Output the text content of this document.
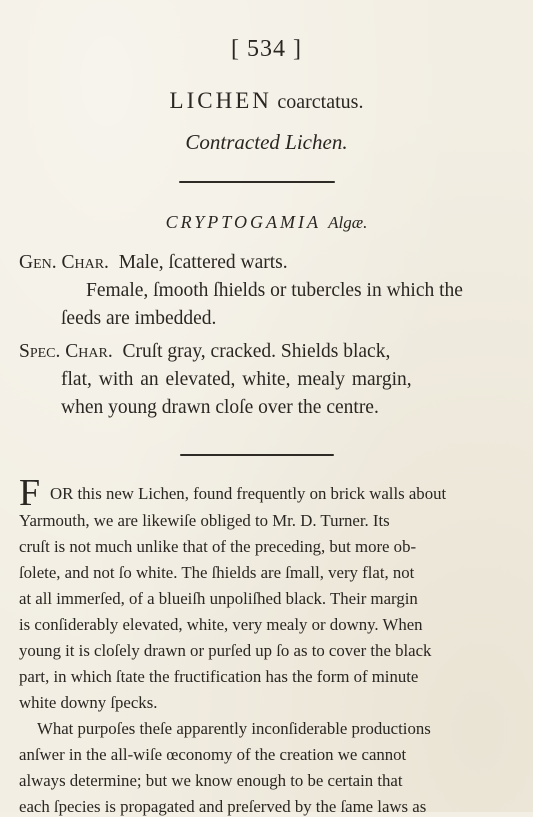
[ 534 ]
LICHEN coarctatus.
Contracted Lichen.
CRYPTOGAMIA Algæ.
Gen. Char. Male, ſcattered warts.
Female, ſmooth ſhields or tubercles in which the
ſeeds are imbedded.
Spec. Char. Cruſt gray, cracked. Shields black,
flat, with an elevated, white, mealy margin,
when young drawn cloſe over the centre.
F OR this new Lichen, found frequently on brick walls about
Yarmouth, we are likewiſe obliged to Mr. D. Turner. Its
cruſt is not much unlike that of the preceding, but more ob-
ſolete, and not ſo white. The ſhields are ſmall, very flat, not
at all immerſed, of a blueiſh unpoliſhed black. Their margin
is conſiderably elevated, white, very mealy or downy. When
young it is cloſely drawn or purſed up ſo as to cover the black
part, in which ſtate the fructification has the form of minute
white downy ſpecks.
What purpoſes theſe apparently inconſiderable productions
anſwer in the all-wiſe œconomy of the creation we cannot
always determine; but we know enough to be certain that
each ſpecies is propagated and preſerved by the ſame laws as
